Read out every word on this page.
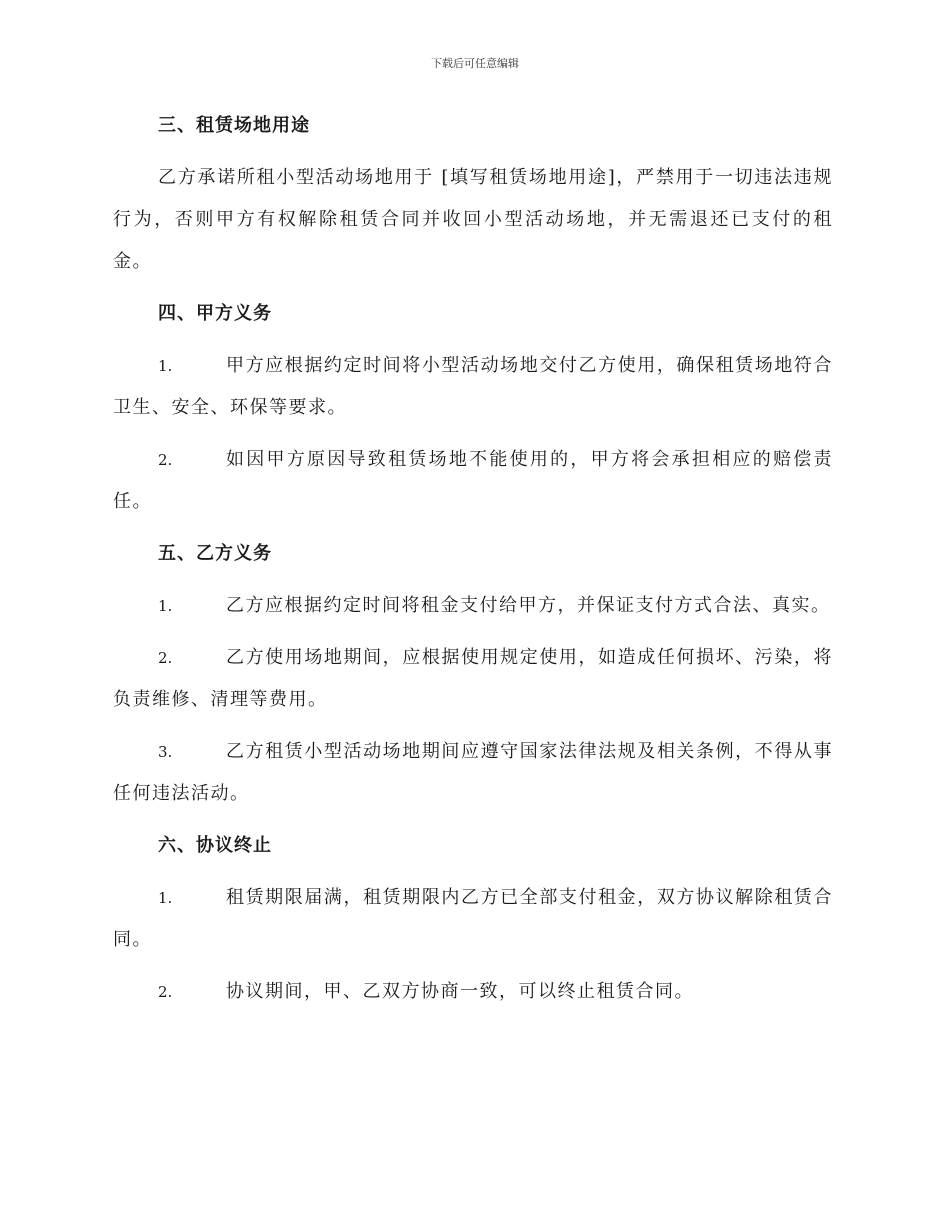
下载后可任意编辑
三、租赁场地用途

乙方承诺所租小型活动场地用于 [填写租赁场地用途]，严禁用于一切违法违规行为，否则甲方有权解除租赁合同并收回小型活动场地，并无需退还已支付的租金。

四、甲方义务

1.	甲方应根据约定时间将小型活动场地交付乙方使用，确保租赁场地符合卫生、安全、环保等要求。

2.	如因甲方原因导致租赁场地不能使用的，甲方将会承担相应的赔偿责任。

五、乙方义务

1.	乙方应根据约定时间将租金支付给甲方，并保证支付方式合法、真实。

2.	乙方使用场地期间，应根据使用规定使用，如造成任何损坏、污染，将负责维修、清理等费用。

3.	乙方租赁小型活动场地期间应遵守国家法律法规及相关条例，不得从事任何违法活动。

六、协议终止

1.	租赁期限届满，租赁期限内乙方已全部支付租金，双方协议解除租赁合同。

2.	协议期间，甲、乙双方协商一致，可以终止租赁合同。
